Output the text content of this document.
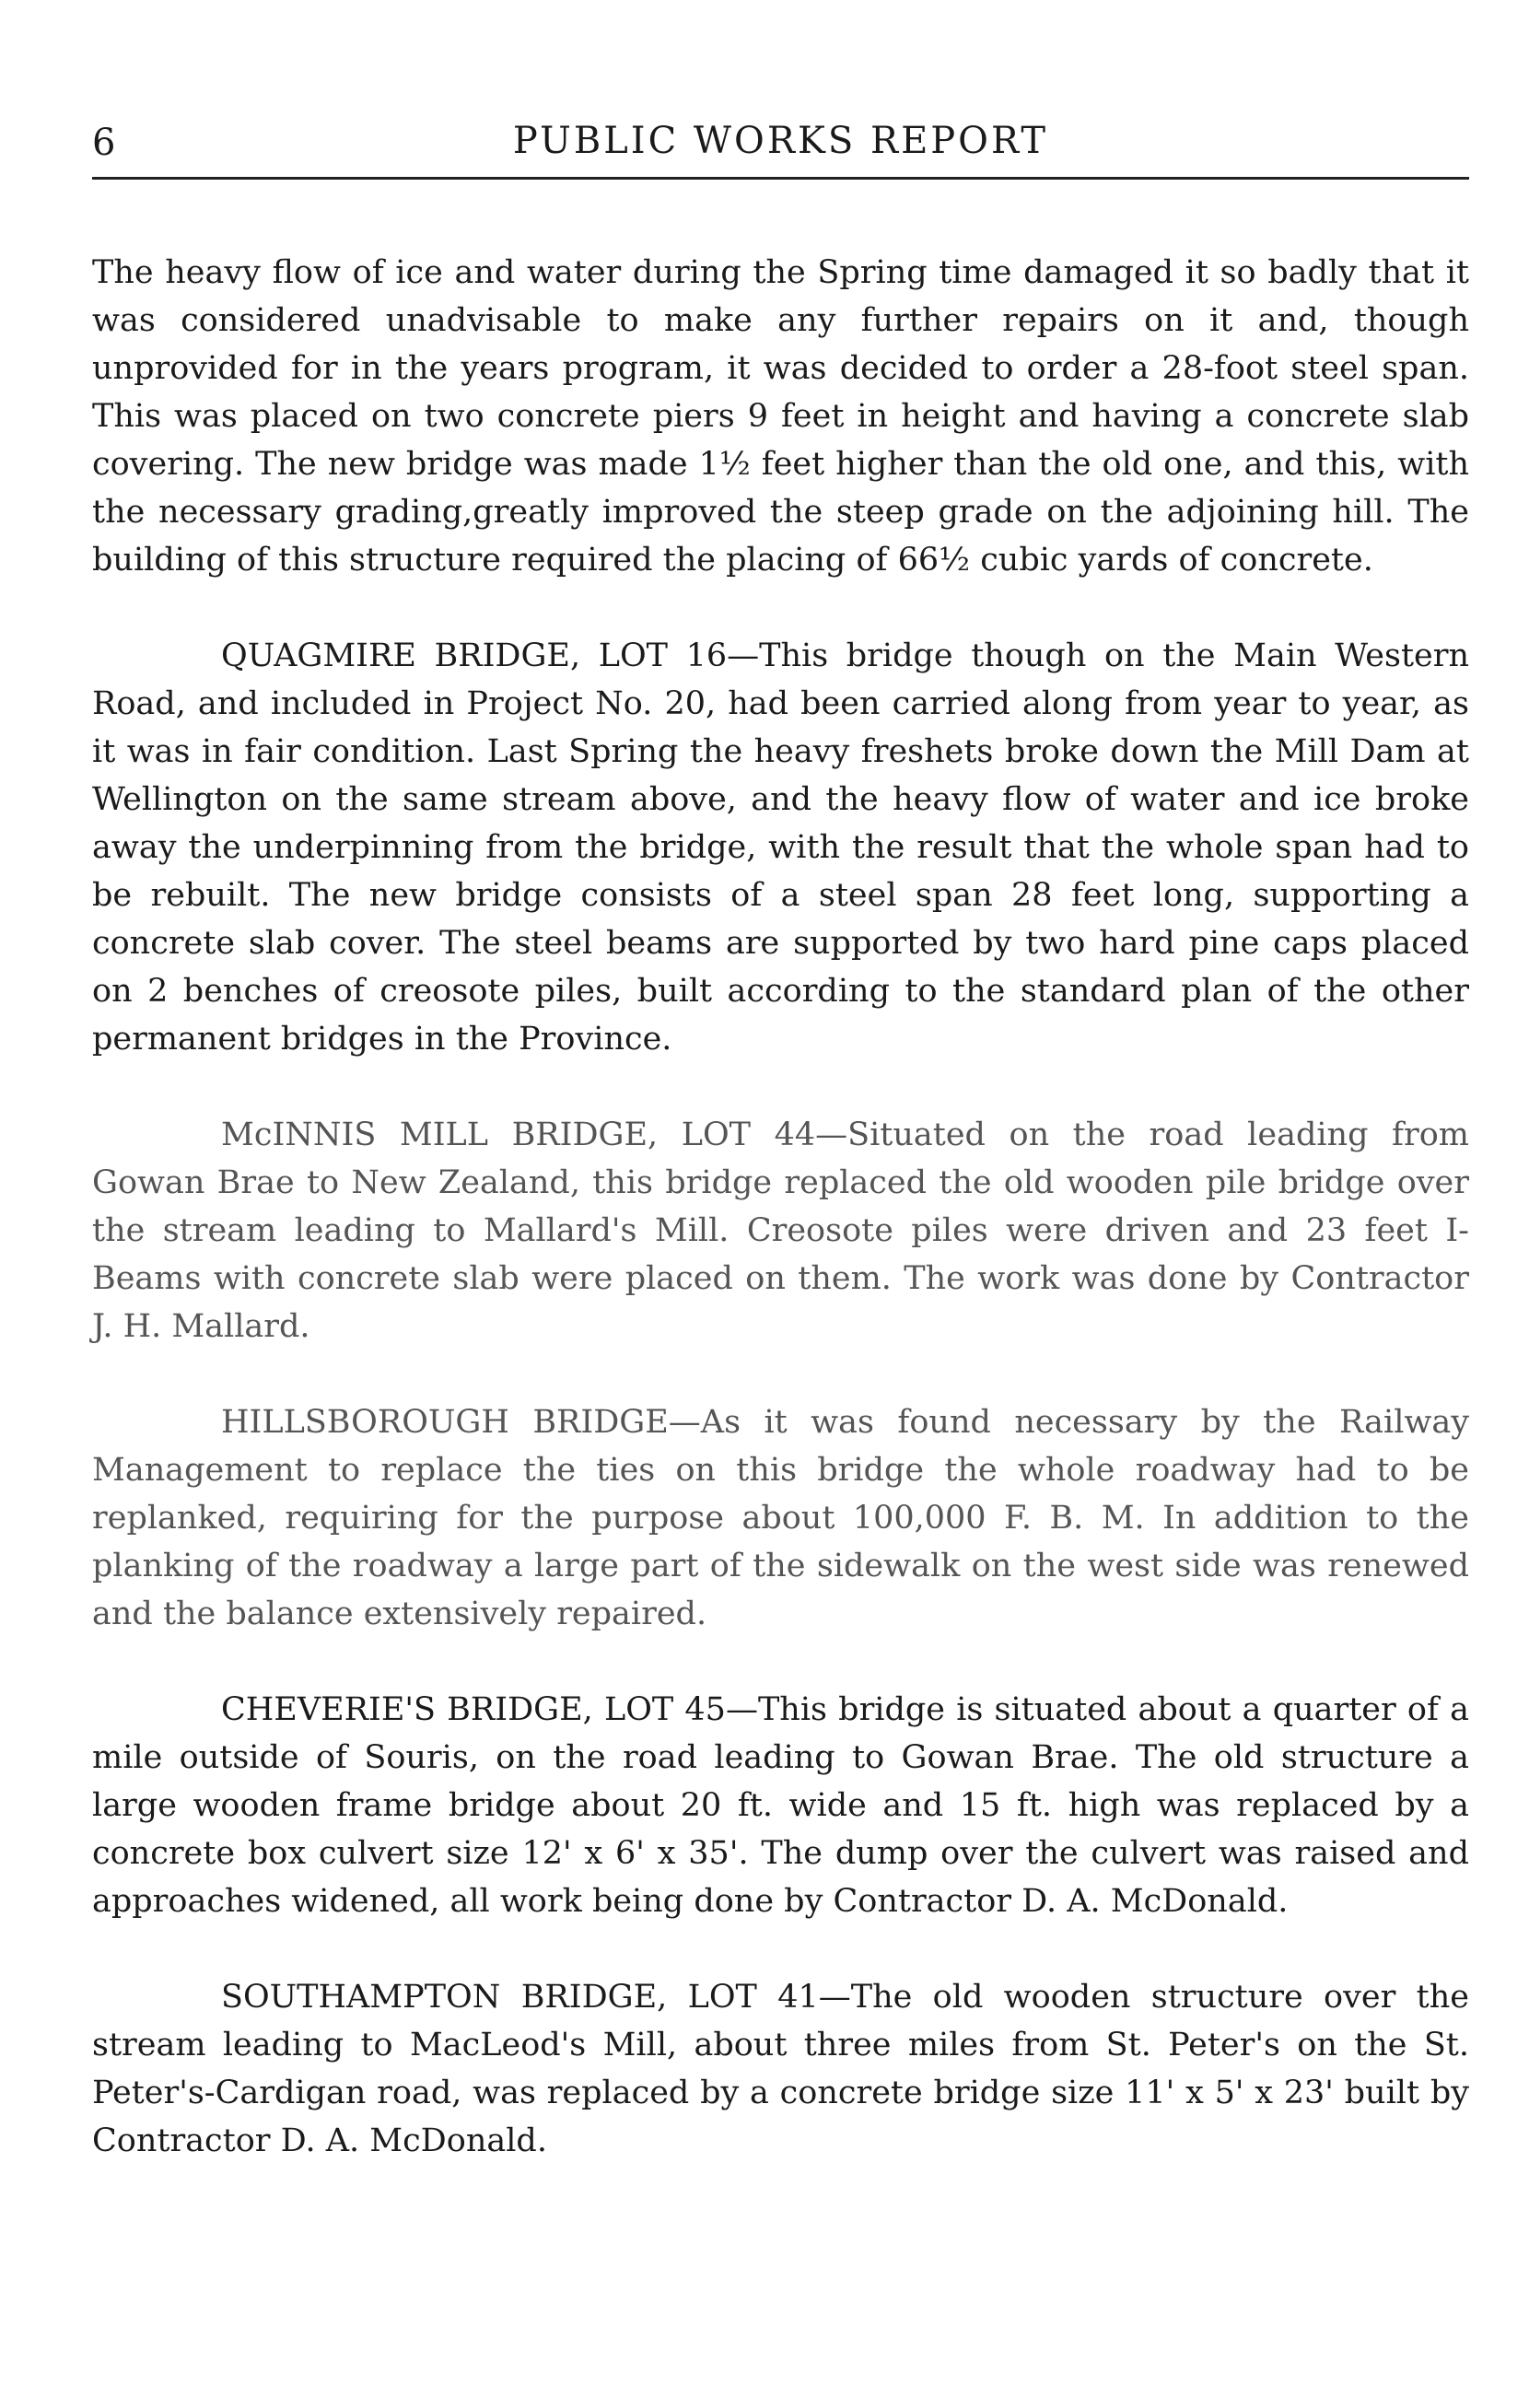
6	PUBLIC WORKS REPORT

The heavy flow of ice and water during the Spring time damaged it so badly that it was considered unadvisable to make any further repairs on it and, though unprovided for in the years program, it was decided to order a 28-foot steel span. This was placed on two concrete piers 9 feet in height and having a concrete slab covering. The new bridge was made 1½ feet higher than the old one, and this, with the necessary grading,greatly improved the steep grade on the adjoining hill. The building of this structure required the placing of 66½ cubic yards of concrete.

QUAGMIRE BRIDGE, LOT 16—This bridge though on the Main Western Road, and included in Project No. 20, had been carried along from year to year, as it was in fair condition. Last Spring the heavy freshets broke down the Mill Dam at Wellington on the same stream above, and the heavy flow of water and ice broke away the underpinning from the bridge, with the result that the whole span had to be rebuilt. The new bridge consists of a steel span 28 feet long, supporting a concrete slab cover. The steel beams are supported by two hard pine caps placed on 2 benches of creosote piles, built according to the standard plan of the other permanent bridges in the Province.

McINNIS MILL BRIDGE, LOT 44—Situated on the road leading from Gowan Brae to New Zealand, this bridge replaced the old wooden pile bridge over the stream leading to Mallard's Mill. Creosote piles were driven and 23 feet I-Beams with concrete slab were placed on them. The work was done by Contractor J. H. Mallard.

HILLSBOROUGH BRIDGE—As it was found necessary by the Railway Management to replace the ties on this bridge the whole roadway had to be replanked, requiring for the purpose about 100,000 F. B. M. In addition to the planking of the roadway a large part of the sidewalk on the west side was renewed and the balance extensively repaired.

CHEVERIE'S BRIDGE, LOT 45—This bridge is situated about a quarter of a mile outside of Souris, on the road leading to Gowan Brae. The old structure a large wooden frame bridge about 20 ft. wide and 15 ft. high was replaced by a concrete box culvert size 12' x 6' x 35'. The dump over the culvert was raised and approaches widened, all work being done by Contractor D. A. McDonald.

SOUTHAMPTON BRIDGE, LOT 41—The old wooden structure over the stream leading to MacLeod's Mill, about three miles from St. Peter's on the St. Peter's-Cardigan road, was replaced by a concrete bridge size 11' x 5' x 23' built by Contractor D. A. McDonald.
